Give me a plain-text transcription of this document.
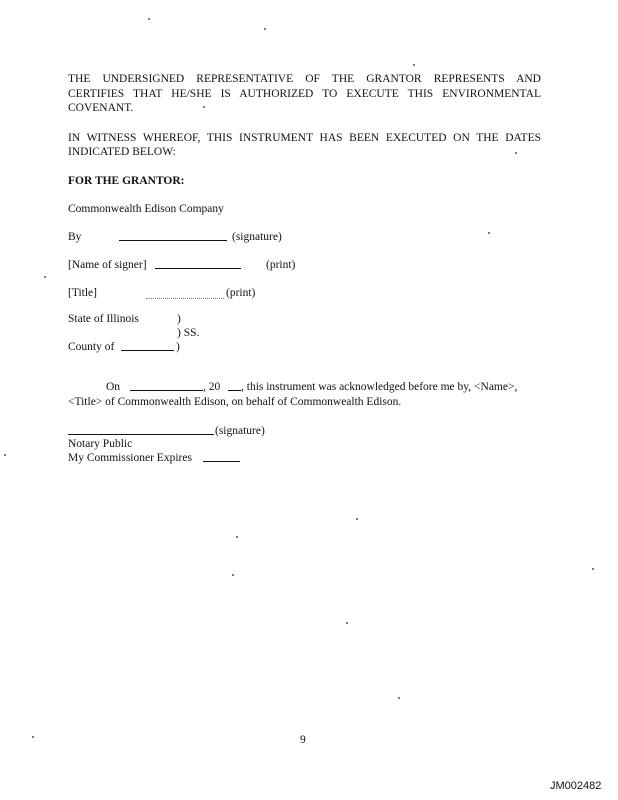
THE UNDERSIGNED REPRESENTATIVE OF THE GRANTOR REPRESENTS AND
CERTIFIES THAT HE/SHE IS AUTHORIZED TO EXECUTE THIS ENVIRONMENTAL
COVENANT.
IN WITNESS WHEREOF, THIS INSTRUMENT HAS BEEN EXECUTED ON THE DATES
INDICATED BELOW:
FOR THE GRANTOR:
Commonwealth Edison Company
By	(signature)
[Name of signer]	(print)
[Title]	(print)
State of Illinois	)
) SS.
County of	)
On	, 20 , this instrument was acknowledged before me by, <Name>,
<Title> of Commonwealth Edison, on behalf of Commonwealth Edison.
(signature)
Notary Public
My Commissioner Expires
9
JM002482
